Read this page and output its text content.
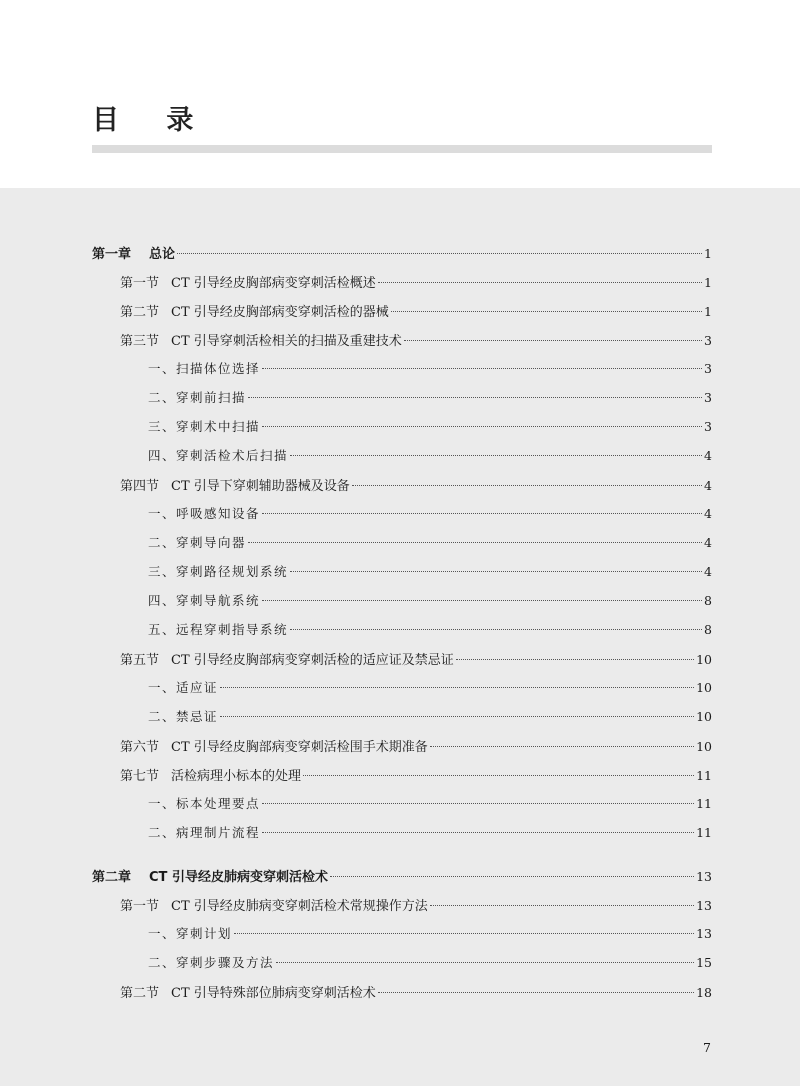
目 录
第一章 总论	1
第一节 CT 引导经皮胸部病变穿刺活检概述	1
第二节 CT 引导经皮胸部病变穿刺活检的器械	1
第三节 CT 引导穿刺活检相关的扫描及重建技术	3
一、扫描体位选择	3
二、穿刺前扫描	3
三、穿刺术中扫描	3
四、穿刺活检术后扫描	4
第四节 CT 引导下穿刺辅助器械及设备	4
一、呼吸感知设备	4
二、穿刺导向器	4
三、穿刺路径规划系统	4
四、穿刺导航系统	8
五、远程穿刺指导系统	8
第五节 CT 引导经皮胸部病变穿刺活检的适应证及禁忌证	10
一、适应证	10
二、禁忌证	10
第六节 CT 引导经皮胸部病变穿刺活检围手术期准备	10
第七节 活检病理小标本的处理	11
一、标本处理要点	11
二、病理制片流程	11
第二章 CT 引导经皮肺病变穿刺活检术	13
第一节 CT 引导经皮肺病变穿刺活检术常规操作方法	13
一、穿刺计划	13
二、穿刺步骤及方法	15
第二节 CT 引导特殊部位肺病变穿刺活检术	18
7
